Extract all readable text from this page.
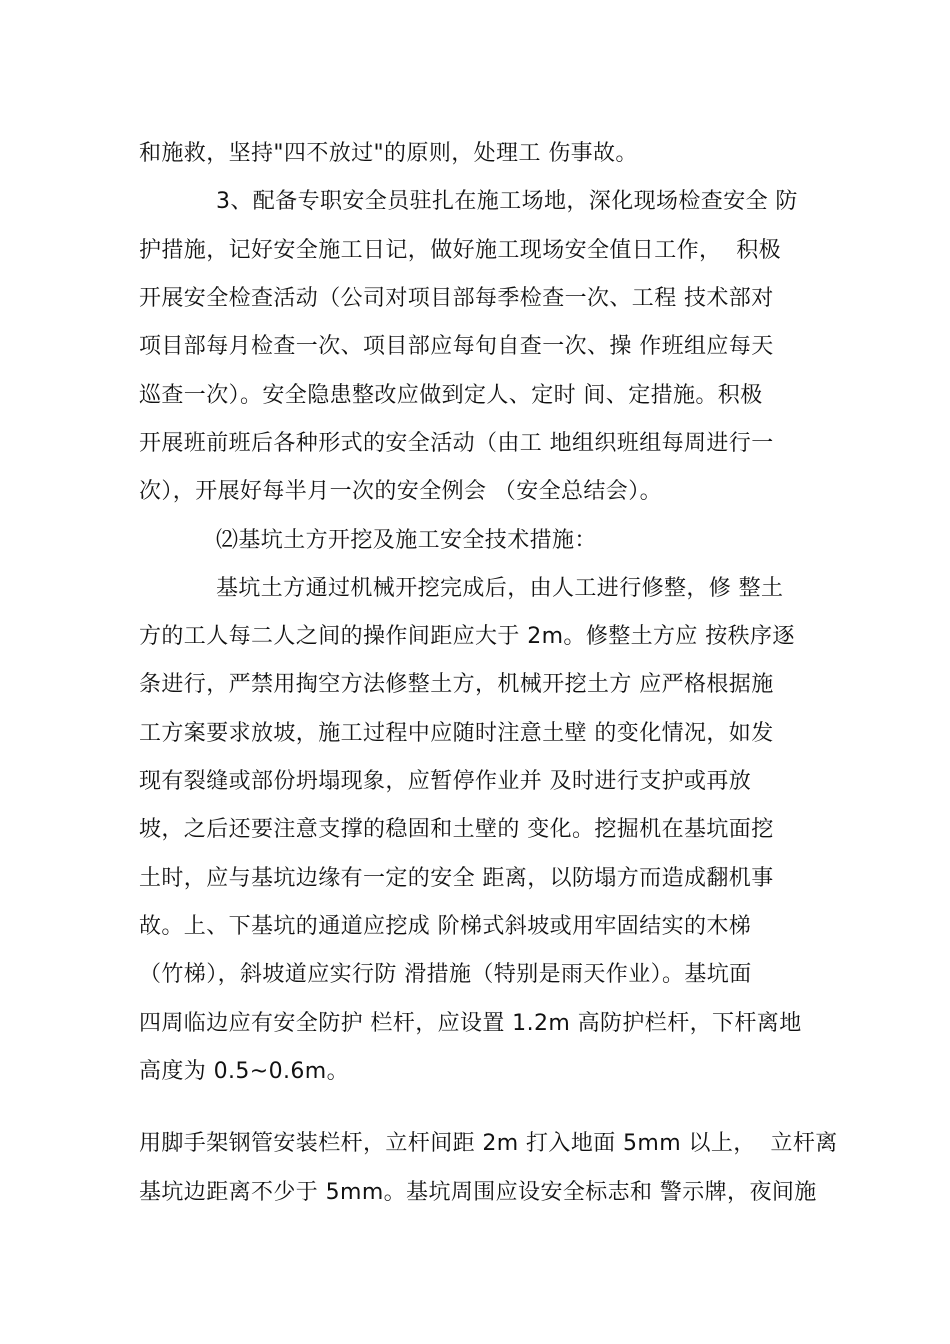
和施救，坚持"四不放过"的原则，处理工 伤事故。
3、配备专职安全员驻扎在施工场地，深化现场检查安全 防
护措施，记好安全施工日记，做好施工现场安全值日工作，  积极
开展安全检查活动（公司对项目部每季检查一次、工程 技术部对
项目部每月检查一次、项目部应每旬自查一次、操 作班组应每天
巡查一次）。安全隐患整改应做到定人、定时 间、定措施。积极
开展班前班后各种形式的安全活动（由工 地组织班组每周进行一
次），开展好每半月一次的安全例会 （安全总结会）。
⑵基坑土方开挖及施工安全技术措施：
基坑土方通过机械开挖完成后，由人工进行修整，修 整土
方的工人每二人之间的操作间距应大于 2m。修整土方应 按秩序逐
条进行，严禁用掏空方法修整土方，机械开挖土方 应严格根据施
工方案要求放坡，施工过程中应随时注意土壁 的变化情况，如发
现有裂缝或部份坍塌现象，应暂停作业并 及时进行支护或再放
坡，之后还要注意支撑的稳固和土壁的 变化。挖掘机在基坑面挖
土时，应与基坑边缘有一定的安全 距离，以防塌方而造成翻机事
故。上、下基坑的通道应挖成 阶梯式斜坡或用牢固结实的木梯
（竹梯），斜坡道应实行防 滑措施（特别是雨天作业）。基坑面
四周临边应有安全防护 栏杆，应设置 1.2m 高防护栏杆，下杆离地
高度为 0.5~0.6m。
用脚手架钢管安装栏杆，立杆间距 2m 打入地面 5mm 以上，  立杆离
基坑边距离不少于 5mm。基坑周围应设安全标志和 警示牌，夜间施
